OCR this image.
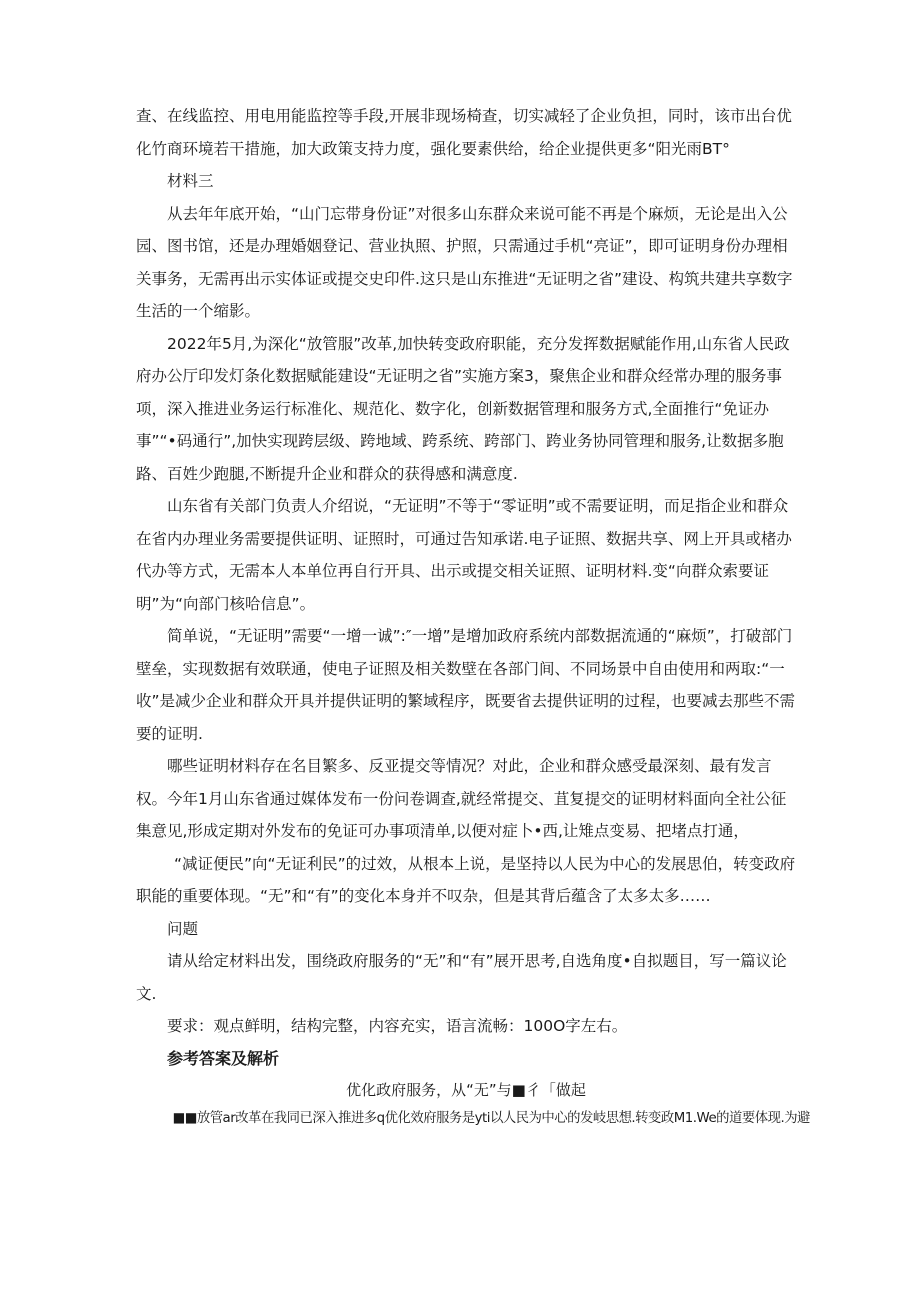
查、在线监控、用电用能监控等手段,开展非现场椅查，切实减轻了企业负担，同时，该市出台优化竹商环境若干措施，加大政策支持力度，强化要素供给，给企业提供更多“阳光雨BT°

材料三

从去年年底开始，“山门忘带身份证”对很多山东群众来说可能不再是个麻烦，无论是出入公园、图书馆，还是办理婚姻登记、营业执照、护照，只需通过手机“亮证”，即可证明身份办理相关事务，无需再出示实体证或提交史印件.这只是山东推进“无证明之省”建设、构筑共建共享数字生活的一个缩影。

2022年5月,为深化“放管服”改革,加快转变政府职能，充分发挥数据赋能作用,山东省人民政府办公厅印发灯条化数据赋能建设“无证明之省”实施方案3，聚焦企业和群众经常办理的服务事项，深入推进业务运行标准化、规范化、数字化，创新数据管理和服务方式,全面推行“免证办事”“•码通行”,加快实现跨层级、跨地域、跨系统、跨部门、跨业务协同管理和服务,让数据多胞路、百姓少跑腿,不断提升企业和群众的获得感和满意度.

山东省有关部门负责人介绍说，“无证明”不等于“零证明”或不需要证明，而足指企业和群众在省内办理业务需要提供证明、证照时，可通过告知承诺.电子证照、数据共享、网上开具或楮办代办等方式，无需本人本单位再自行开具、出示或提交相关证照、证明材料.变“向群众索要证明”为“向部门核哈信息”。

简单说，“无证明”需要“一增一诚”:″一增”是增加政府系统内部数据流通的“麻烦”，打破部门壁垒，实现数据有效联通，使电子证照及相关数壁在各部门间、不同场景中自由使用和两取:“一收”是减少企业和群众开具并提供证明的繁域程序，既要省去提供证明的过程，也要减去那些不需要的证明.

哪些证明材料存在名目繁多、反亚提交等情况？对此，企业和群众感受最深刻、最有发言权。今年1月山东省通过媒体发布一份问卷调查,就经常提交、苴复提交的证明材料面向全社公征集意见,形成定期对外发布的免证可办事项清单,以便对症卜•西,让雉点变易、把堵点打通，

“减证便民”向“无证利民”的过效，从根本上说，是坚持以人民为中心的发展思伯，转变政府职能的重要体现。“无”和“有”的变化本身并不叹杂，但是其背后蕴含了太多太多……

问题

请从给定材料出发，围绕政府服务的“无”和“有”展开思考,自选角度•自拟题目，写一篇议论文.

要求：观点鲜明，结构完整，内容充实，语言流畅：100O字左右。

参考答案及解析

优化政府服务，从“无”与■彳「做起

■■放管ar改革在我同已深入推进多q优化效府服务是yti以人民为中心的发岐思想.转变政M1.We的道要体现.为避
